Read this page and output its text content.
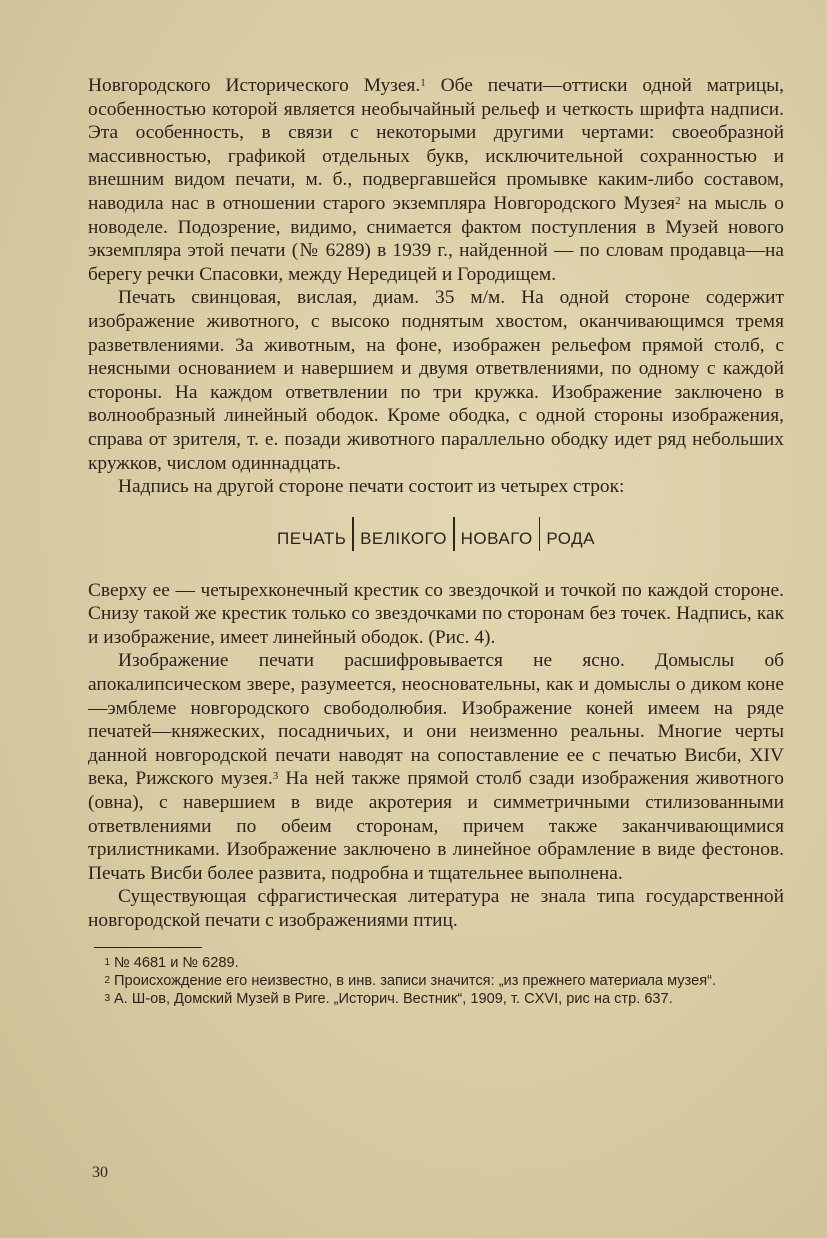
Новгородского Исторического Музея.$^1$ Обе печати—оттиски одной матрицы, особенностью которой является необычайный рельеф и четкость шрифта надписи. Эта особенность, в связи с некоторыми другими чертами: своеобразной массивностью, графикой отдельных букв, исключительной сохранностью и внешним видом печати, м. б., подвергавшейся промывке каким-либо составом, наводила нас в отношении старого экземпляра Новгородского Музея$^2$ на мысль о новоделе. Подозрение, видимо, снимается фактом поступления в Музей нового экземпляра этой печати (№ 6289) в 1939 г., найденной — по словам продавца—на берегу речки Спасовки, между Нередицей и Городищем.

Печать свинцовая, вислая, диам. 35 м/м. На одной стороне содержит изображение животного, с высоко поднятым хвостом, оканчивающимся тремя разветвлениями. За животным, на фоне, изображен рельефом прямой столб, с неясными основанием и навершием и двумя ответвлениями, по одному с каждой стороны. На каждом ответвлении по три кружка. Изображение заключено в волнообразный линейный ободок. Кроме ободка, с одной стороны изображения, справа от зрителя, т. е. позади животного параллельно ободку идет ряд небольших кружков, числом одиннадцать.

Надпись на другой стороне печати состоит из четырех строк:

ПЕЧАТЬ ВЕЛІКОГО НОВАГО РОДА

Сверху ее — четырехконечный крестик со звездочкой и точкой по каждой стороне. Снизу такой же крестик только со звездочками по сторонам без точек. Надпись, как и изображение, имеет линейный ободок. (Рис. 4).

Изображение печати расшифровывается не ясно. Домыслы об апокалипсическом звере, разумеется, неосновательны, как и домыслы о диком коне—эмблеме новгородского свободолюбия. Изображение коней имеем на ряде печатей—княжеских, посадничьих, и они неизменно реальны. Многие черты данной новгородской печати наводят на сопоставление ее с печатью Висби, XIV века, Рижского музея.$^3$ На ней также прямой столб сзади изображения животного (овна), с навершием в виде акротерия и симметричными стилизованными ответвлениями по обеим сторонам, причем также заканчивающимися трилистниками. Изображение заключено в линейное обрамление в виде фестонов. Печать Висби более развита, подробна и тщательнее выполнена.

Существующая сфрагистическая литература не знала типа государственной новгородской печати с изображениями птиц.

1 № 4681 и № 6289.

2 Происхождение его неизвестно, в инв. записи значится: „из прежнего материала музея“.

3 А. Ш-ов, Домский Музей в Риге. „Историч. Вестник“, 1909, т. CXVI, рис на стр. 637.

30
